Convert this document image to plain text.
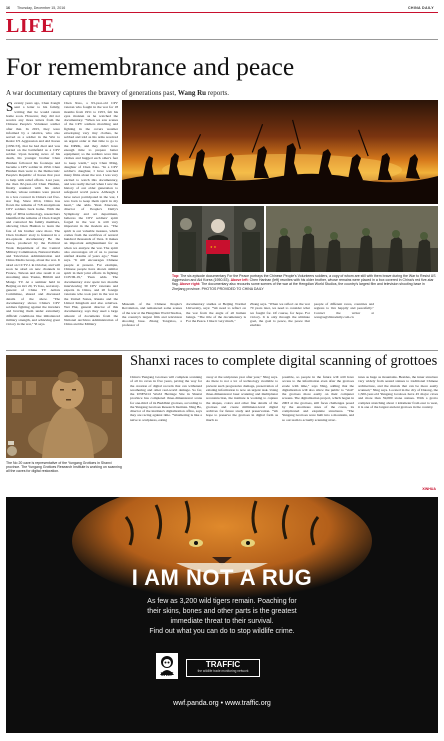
16 Thursday, December 15, 2016	CHINA DAILY
LIFE
For remembrance and peace
A war documentary captures the bravery of generations past, Wang Ru reports.

Seventy years ago, Chen Zongli sent a letter to his family, writing that he would return home soon. However, they did not receive any more letters from the Chinese People's Volunteer soldier after that. In 2015, they were informed by a relative, who also served as a soldier in the War to Resist US Aggression and Aid Korea (1950-53), that he had died and was buried on the battlefield as a CPV soldier. Upon hearing news of his death, his younger brother Chen Hanhan followed his footsteps and became a CPV soldier in 1950. Chen Hanhan then went to the Democratic People's Republic of Korea that year to help with relief efforts. Last year, the then 82-year-old Chen Hanhan, finally reunited with his older brother, whose remains were placed in a box covered in China's red five-star flag. Since 2014, China has flown the remains of 718 anonymous CPV soldiers back home. With the help of DNA technology, researchers identified the remains of Chen Zongli and contacted his family members, allowing Chen Hanhan to learn the fate of his brother once more. The Chen brothers' story is featured in a six-episode documentary Be the Peace, produced by the Political Work Department of the Central Military Commission, National Radio and Television Administration and China Media Group, about the war. It aired on CCTV-1 in October, and will soon be aired on new channels in France, Taiwan and also result it on streaming sites Youku, Bilibili and Mango TV. At a seminar held in Beijing on Oct 20, Tv Kao, secretary-general of China TV Artists Committee, shared and discussed details of the show. "The documentary shows China's CPV soldiers fighting against the invaders and braving them under extremely difficult conditions like imbalanced military strength, and achieving great victory in the war," Yi says.

Chen Xiao, a 93-year-old CPV veteran who fought in the war for 18 months from 1951 to 1953, felt his eyes moisten as he watched the documentary. "When we saw scenes of the CPV soldiers marching and fighting in the covers weather enveloping very tiny clothes, he sobbed and told as his arms received an urgent order at that time to go to the DPRK, and they didn't have enough time to prepare better equipment; so the soldiers wore thin clothes and hugged each other's feet to keep warm," says Chen Ming, daughter of Chen Xiao. "In a CPV soldier's daughter, I have watched many films about the war. I was very excited to watch this documentary, and was really moved when I saw the history of our older generation to safeguard world peace. Although I have never participated in the war, I was born to keep them spirit in my heart," she adds. Yuan Xiaowen, director of People's Daily's Symphony and art department, believes the CPV soldiers' spirit forged in the war is still very important in the modern era. "The spirit is our valuable treasure, which comes from the sacrifices of several hundred thousands of lives. It makes an important enlightenment for us when we analyze the war. The spirit also encourages all of us to pursue unified dreams of years ago," Yuan says. "It still encourages Chinese people at present. For example, Chinese people have shown similar spirit in their joint efforts in fighting COVID-19," Yuan adds. The documentary crew spent two months interviewing 30 CPV veterans and experts in China, and 20 foreign veterans who took part in the war in the United States, Russia and the United Kingdom and also relatives. Wei Hui, general director of this documentary, says they used a large amount of documents from the National Archives Administration of China and the Military

★ ★
Top: The six-episode documentary For the Peace portrays the Chinese People's Volunteers soldiers, a copy of whom are still with them brave during the War to Resist US Aggression and Aid Korea (1950-53). Above left: Chen Hanhan (left) reunites with his older brother, whose remains were placed in a box covered in China's red five-star flag. Above right: The documentary also recounts some scenes of the war at the Hengdian World Studios, the country's largest film and television shooting base in Zhejiang province. PHOTOS PROVIDED TO CHINA DAILY

Museum of the Chinese People's Revolution, and remastered some scenes of the war at the Hengdian World Studios, the country's largest film and television shooting base. Zhang Tongxiao, a professor of

documentary studies at Beijing Normal University, says: "We need to reflect on the war from the angle of all human beings. "The title of the documentary is For the Peace. I like it very much,"

Zhang says. "When we reflect on the war 70 years later, we need to consider what we fought for. Of course, for hope. For victory. It is only through the ultimate goal, the goal is peace, the peace that enables

people of different races, countries and regions to live happily and peacefully." Contact the writer at wangru@chinadaily.com.cn

The No 20 cave is representative of the Yungang Grottoes in Shanxi province. The Yungang Grottoes Research Institute is working on scanning all the caves for digital restoration.
Shanxi races to complete digital scanning of grottoes

China's Yungang Grottoes will complete scanning of all its caves in five years, paving the way for the creation of digital records that can withstand weathering and other real-world damage. So far, the UNESCO World Heritage Site in Shanxi province has completed three-dimensional scans for one-third of its Buddhist grottoes, according to the Yungang Grottoes Research Institute. Ning Bo, director of the institute's digitalization office, says they are racing against time. "Weathering is like a naive to sculptures, eating

away at the sculptures year after year," Ning says. As there is not a lot of technology available to prevent such progressive damage, preservation of existing information is now an urgent task. Using three-dimensional laser scanning and multiplanar reconstruction, the institute is working to capture the shapes, colors and other fine details of the grottoes and create millimeter-level digital archives for future study and preservation. "We hope to preserve the grottoes in digital form as much as

possible, so people in the future will still have access to the information even after the grottoes erode with time," says Ning, adding that the digitalization will also allow the public to "visit" the grottoes more easily on their computer screens. The digitalization project, which began in 2003 at the grottoes, still faces challenges posed by the enormous sizes of the caves, its complicated and exquisite structures. "The Yungang Grottoes were built into a mountain, and so our team is actually scanning struc-

tures as huge as mountains. Besides, the inner structure vary widely from seated statues to traditional Chinese architecture, and the murals that can be more easily scanned," Ning says. Located in the city of Datong, the 1,500-year-old Yungang Grottoes have 45 major caves and more than 59,000 stone statues. With a grotto complex stretching about 1 kilometer from east to west, it is one of the largest ancient grottoes in the country.

XINHUA
I AM NOT A RUG
As few as 3,200 wild tigers remain. Poaching for
their skins, bones and other parts is the greatest
immediate threat to their survival.
Find out what you can do to stop wildlife crime.
WWF
TRAFFIC
the wildlife trade monitoring network
wwf.panda.org • www.traffic.org
